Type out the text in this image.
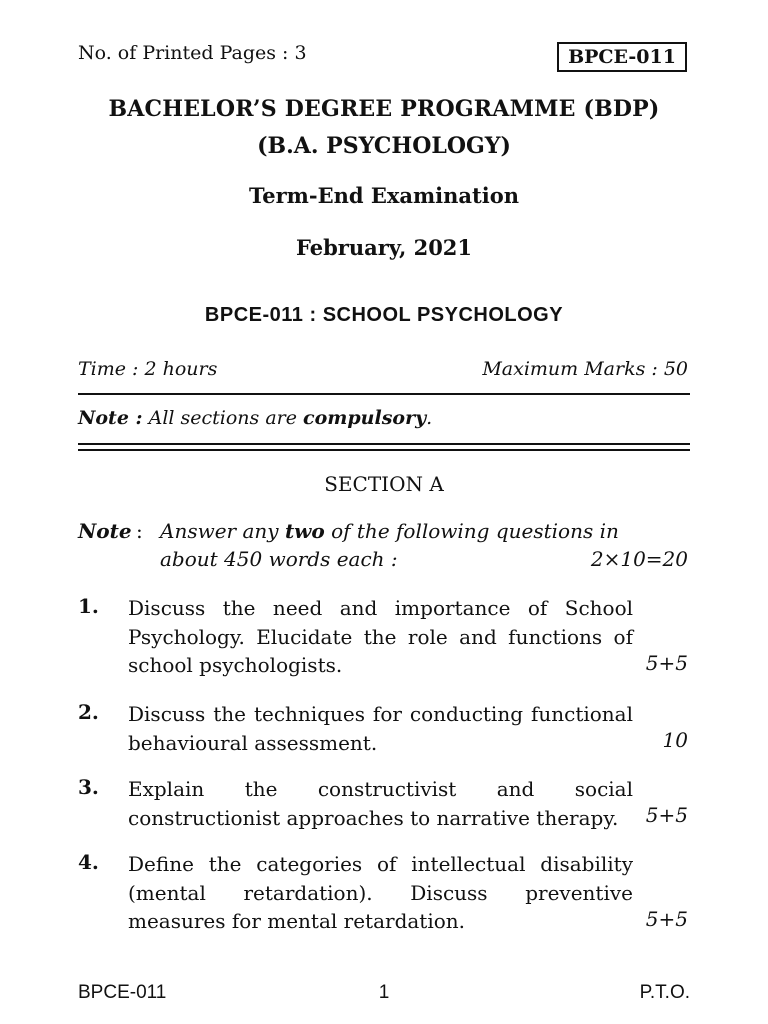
No. of Printed Pages : 3	BPCE-011
BACHELOR’S DEGREE PROGRAMME (BDP)
(B.A. PSYCHOLOGY)
Term-End Examination
February, 2021
BPCE-011 : SCHOOL PSYCHOLOGY
Time : 2 hours	Maximum Marks : 50
Note : All sections are compulsory.
SECTION A
Note : Answer any two of the following questions in
about 450 words each :	2×10=20
1. Discuss the need and importance of School
Psychology. Elucidate the role and functions of
school psychologists.	5+5
2. Discuss the techniques for conducting functional
behavioural assessment.	10
3. Explain the constructivist and social
constructionist approaches to narrative therapy.	5+5
4. Define the categories of intellectual disability
(mental retardation). Discuss preventive
measures for mental retardation.	5+5
BPCE-011	1	P.T.O.
